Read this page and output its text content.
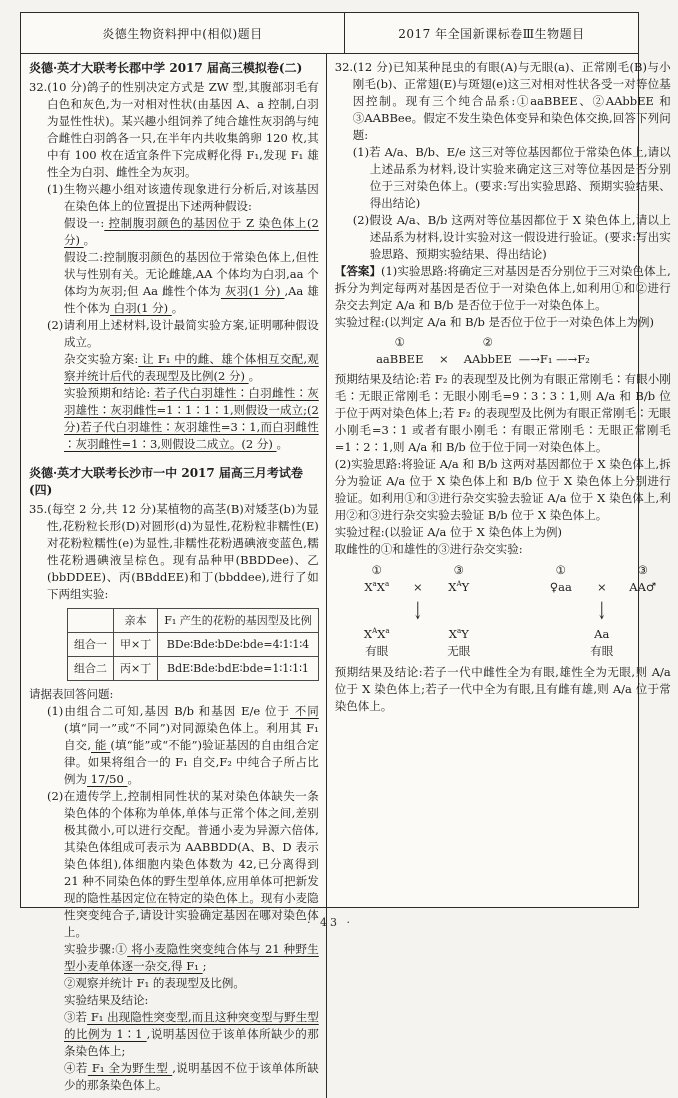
炎德生物资料押中(相似)题目	2017 年全国新课标卷Ⅲ生物题目
炎德·英才大联考长郡中学 2017 届高三模拟卷(二)
32.(10 分)鸽子的性别决定方式是 ZW 型,其腹部羽毛有白色和灰色,为一对相对性状(由基因 A、a 控制,白羽为显性性状)。某兴趣小组饲养了纯合雄性灰羽鸽与纯合雌性白羽鸽各一只,在半年内共收集鸽卵 120 枚,其中有 100 枚在适宜条件下完成孵化得 F₁,发现 F₁ 雄性全为白羽、雌性全为灰羽。
(1)生物兴趣小组对该遗传现象进行分析后,对该基因在染色体上的位置提出下述两种假设:
假设一: 控制腹羽颜色的基因位于 Z 染色体上(2 分) 。
假设二:控制腹羽颜色的基因位于常染色体上,但性状与性别有关。无论雌雄,AA 个体均为白羽,aa 个体均为灰羽;但 Aa 雌性个体为 灰羽(1 分) ,Aa 雄性个体为 白羽(1 分) 。
(2)请利用上述材料,设计最简实验方案,证明哪种假设成立。
杂交实验方案: 让 F₁ 中的雌、雄个体相互交配,观察并统计后代的表现型及比例(2 分) 。
实验预期和结论: 若子代白羽雄性∶白羽雌性∶灰羽雄性∶灰羽雌性=1∶1∶1∶1,则假设一成立;(2 分)若子代白羽雄性∶灰羽雄性=3∶1,而白羽雌性∶灰羽雌性=1∶3,则假设二成立。(2 分) 。
炎德·英才大联考长沙市一中 2017 届高三月考试卷(四)
35.(每空 2 分,共 12 分)某植物的高茎(B)对矮茎(b)为显性,花粉粒长形(D)对圆形(d)为显性,花粉粒非糯性(E)对花粉粒糯性(e)为显性,非糯性花粉遇碘液变蓝色,糯性花粉遇碘液呈棕色。现有品种甲(BBDDee)、乙(bbDDEE)、丙(BBddEE)和丁(bbddee),进行了如下两组实验:
	亲本	F₁ 产生的花粉的基因型及比例
组合一	甲×丁	BDe∶Bde∶bDe∶bde=4∶1∶1∶4
组合二	丙×丁	BdE∶Bde∶bdE∶bde=1∶1∶1∶1
请据表回答问题:
(1)由组合二可知,基因 B/b 和基因 E/e 位于 不同 (填“同一”或“不同”)对同源染色体上。利用其 F₁ 自交, 能 (填“能”或“不能”)验证基因的自由组合定律。如果将组合一的 F₁ 自交,F₂ 中纯合子所占比例为 17/50 。
(2)在遗传学上,控制相同性状的某对染色体缺失一条染色体的个体称为单体,单体与正常个体之间,差别极其微小,可以进行交配。普通小麦为异源六倍体,其染色体组成可表示为 AABBDD(A、B、D 表示染色体组),体细胞内染色体数为 42,已分离得到 21 种不同染色体的野生型单体,应用单体可把新发现的隐性基因定位在特定的染色体上。现有小麦隐性突变纯合子,请设计实验确定基因在哪对染色体上。
实验步骤:① 将小麦隐性突变纯合体与 21 种野生型小麦单体逐一杂交,得 F₁ ;
②观察并统计 F₁ 的表现型及比例。
实验结果及结论:
③若 F₁ 出现隐性突变型,而且这种突变型与野生型的比例为 1∶1 ,说明基因位于该单体所缺少的那条染色体上;
④若 F₁ 全为野生型 ,说明基因不位于该单体所缺少的那条染色体上。
32.(12 分)已知某种昆虫的有眼(A)与无眼(a)、正常刚毛(B)与小刚毛(b)、正常翅(E)与斑翅(e)这三对相对性状各受一对等位基因控制。现有三个纯合品系:①aaBBEE、②AAbbEE 和③AABBee。假定不发生染色体变异和染色体交换,回答下列问题:
(1)若 A/a、B/b、E/e 这三对等位基因都位于常染色体上,请以上述品系为材料,设计实验来确定这三对等位基因是否分别位于三对染色体上。(要求:写出实验思路、预期实验结果、得出结论)
(2)假设 A/a、B/b 这两对等位基因都位于 X 染色体上,请以上述品系为材料,设计实验对这一假设进行验证。(要求:写出实验思路、预期实验结果、得出结论)
【答案】(1)实验思路:将确定三对基因是否分别位于三对染色体上,拆分为判定每两对基因是否位于一对染色体上,如利用①和②进行杂交去判定 A/a 和 B/b 是否位于位于一对染色体上。
实验过程:(以判定 A/a 和 B/b 是否位于位于一对染色体上为例)
①	②
aaBBEE	×	AAbbEE —→F₁ —→F₂
预期结果及结论:若 F₂ 的表现型及比例为有眼正常刚毛∶有眼小刚毛∶无眼正常刚毛∶无眼小刚毛=9∶3∶3∶1,则 A/a 和 B/b 位于位于两对染色体上;若 F₂ 的表现型及比例为有眼正常刚毛∶无眼小刚毛=3∶1 或者有眼小刚毛∶有眼正常刚毛∶无眼正常刚毛=1∶2∶1,则 A/a 和 B/b 位于位于同一对染色体上。
(2)实验思路:将验证 A/a 和 B/b 这两对基因都位于 X 染色体上,拆分为验证 A/a 位于 X 染色体上和 B/b 位于 X 染色体上分别进行验证。如利用①和③进行杂交实验去验证 A/a 位于 X 染色体上,利用②和③进行杂交实验去验证 B/b 位于 X 染色体上。
实验过程:(以验证 A/a 位于 X 染色体上为例)
取雌性的①和雄性的③进行杂交实验:
①	③
$X^aX^a$	×	$X^AY$
↓
$X^AX^a$	$X^aY$
有眼	无眼
①	③
♀aa	×	AA♂
↓
Aa
有眼
预期结果及结论:若子一代中雌性全为有眼,雄性全为无眼,则 A/a 位于 X 染色体上;若子一代中全为有眼,且有雌有雄,则 A/a 位于常染色体上。
· 43 ·
